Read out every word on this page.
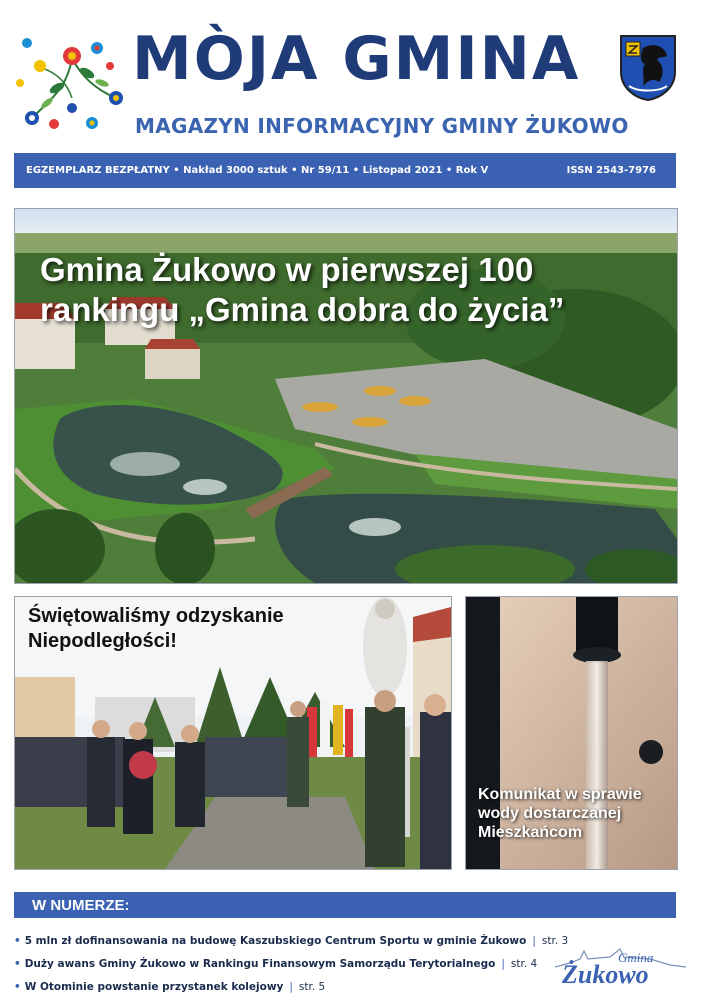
MÒJA GMINA
MAGAZYN INFORMACYJNY GMINY ŻUKOWO
EGZEMPLARZ BEZPŁATNY • Nakład 3000 sztuk • Nr 59/11 • Listopad 2021 • Rok V	ISSN 2543-7976
Gmina Żukowo w pierwszej 100 rankingu „Gmina dobra do życia”
Świętowaliśmy odzyskanie Niepodległości!
Komunikat w sprawie wody dostarczanej Mieszkańcom
W NUMERZE:
• 5 mln zł dofinansowania na budowę Kaszubskiego Centrum Sportu w gminie Żukowo | str. 3
• Duży awans Gminy Żukowo w Rankingu Finansowym Samorządu Terytorialnego | str. 4
• W Otominie powstanie przystanek kolejowy | str. 5
Gmina
Żukowo
